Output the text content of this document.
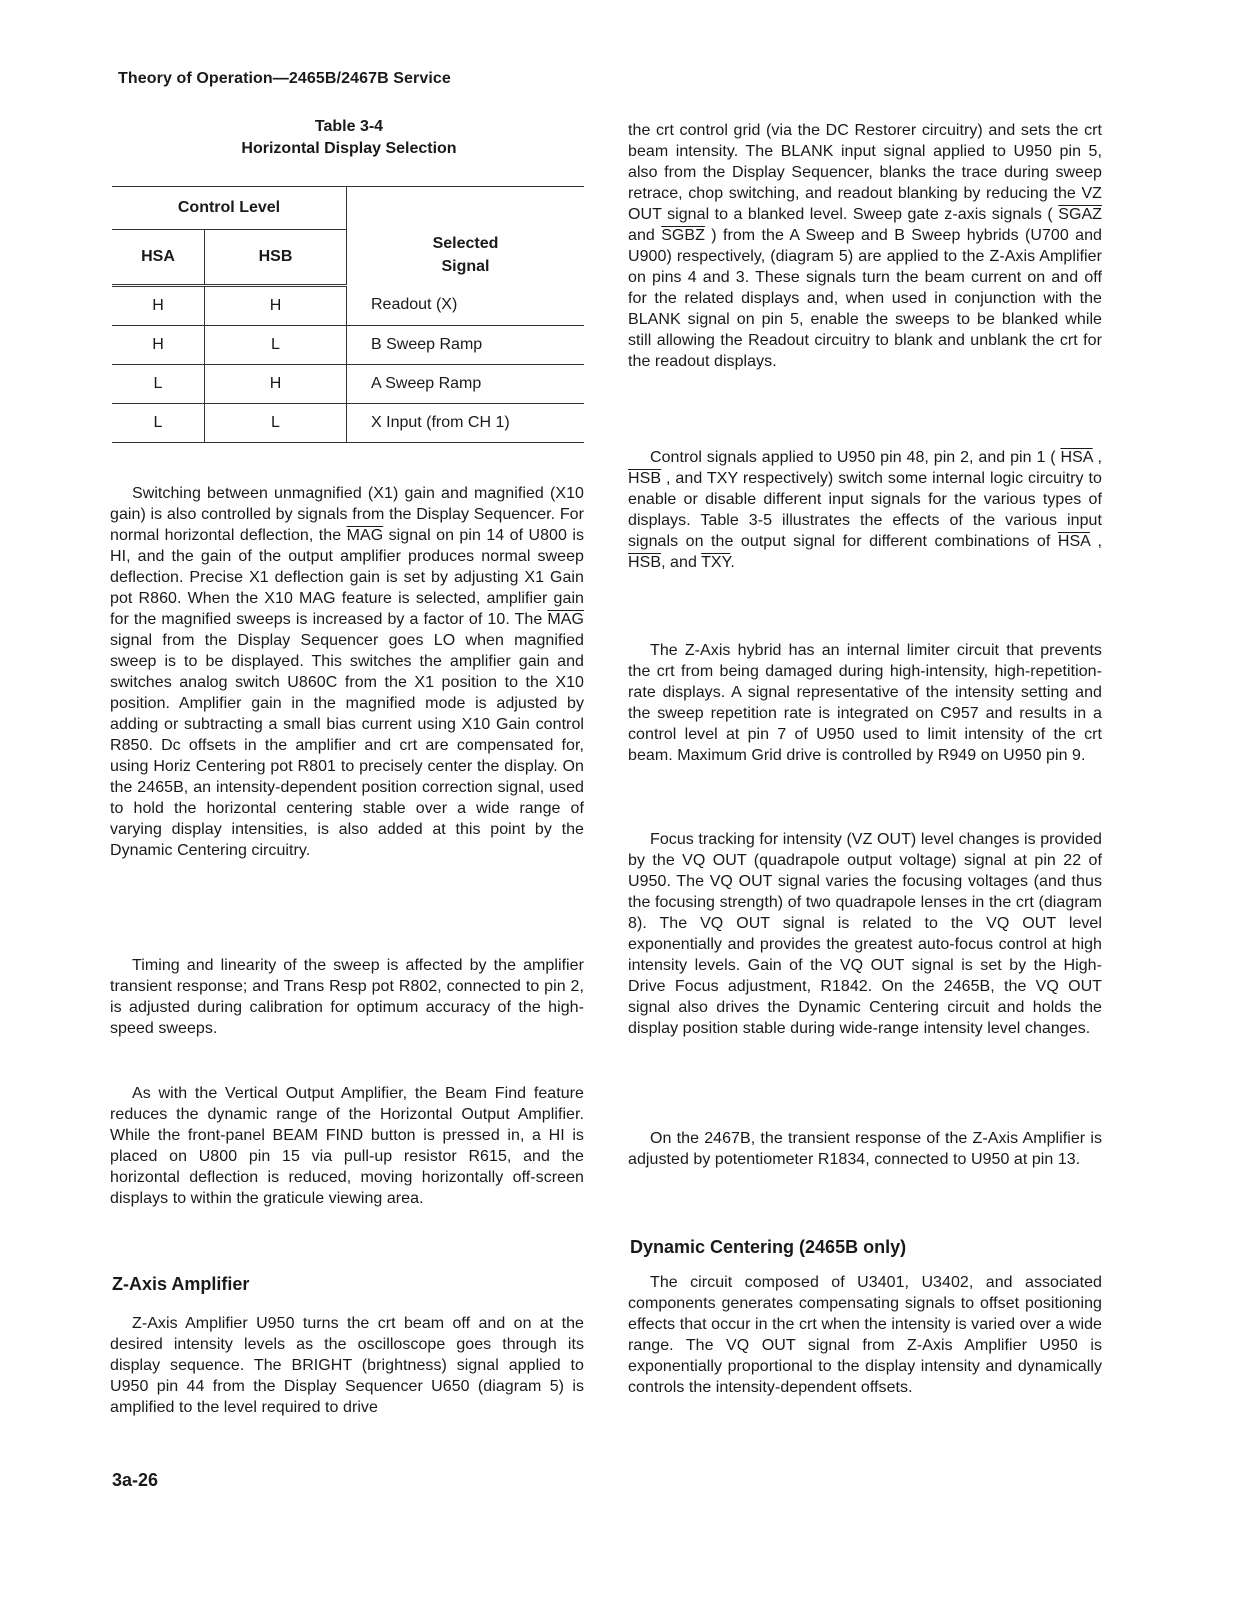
Theory of Operation—2465B/2467B Service
Table 3-4
Horizontal Display Selection
Control Level		Selected
Signal

HSA	HSB	
H	H	Readout (X)
H	L	B Sweep Ramp
L	H	A Sweep Ramp
L	L	X Input (from CH 1)

Switching between unmagnified (X1) gain and magnified (X10 gain) is also controlled by signals from the Display Sequencer. For normal horizontal deflection, the $\overline{MAG}$ signal on pin 14 of U800 is HI, and the gain of the output amplifier produces normal sweep deflection. Precise X1 deflection gain is set by adjusting X1 Gain pot R860. When the X10 MAG feature is selected, amplifier gain for the magnified sweeps is increased by a factor of 10. The $\overline{MAG}$ signal from the Display Sequencer goes LO when magnified sweep is to be displayed. This switches the amplifier gain and switches analog switch U860C from the X1 position to the X10 position. Amplifier gain in the magnified mode is adjusted by adding or subtracting a small bias current using X10 Gain control R850. Dc offsets in the amplifier and crt are compensated for, using Horiz Centering pot R801 to precisely center the display. On the 2465B, an intensity-dependent position correction signal, used to hold the horizontal centering stable over a wide range of varying display intensities, is also added at this point by the Dynamic Centering circuitry.

Timing and linearity of the sweep is affected by the amplifier transient response; and Trans Resp pot R802, connected to pin 2, is adjusted during calibration for optimum accuracy of the high-speed sweeps.

As with the Vertical Output Amplifier, the Beam Find feature reduces the dynamic range of the Horizontal Output Amplifier. While the front-panel BEAM FIND button is pressed in, a HI is placed on U800 pin 15 via pull-up resistor R615, and the horizontal deflection is reduced, moving horizontally off-screen displays to within the graticule viewing area.

Z-Axis Amplifier

Z-Axis Amplifier U950 turns the crt beam off and on at the desired intensity levels as the oscilloscope goes through its display sequence. The BRIGHT (brightness) signal applied to U950 pin 44 from the Display Sequencer U650 (diagram 5) is amplified to the level required to drive

the crt control grid (via the DC Restorer circuitry) and sets the crt beam intensity. The BLANK input signal applied to U950 pin 5, also from the Display Sequencer, blanks the trace during sweep retrace, chop switching, and readout blanking by reducing the VZ OUT signal to a blanked level. Sweep gate z-axis signals ( SGAZ and SGBZ ) from the A Sweep and B Sweep hybrids (U700 and U900) respectively, (diagram 5) are applied to the Z-Axis Amplifier on pins 4 and 3. These signals turn the beam current on and off for the related displays and, when used in conjunction with the BLANK signal on pin 5, enable the sweeps to be blanked while still allowing the Readout circuitry to blank and unblank the crt for the readout displays.

Control signals applied to U950 pin 48, pin 2, and pin 1 ( $\overline{HSA}$ , $\overline{HSB}$ , and TXY respectively) switch some internal logic circuitry to enable or disable different input signals for the various types of displays. Table 3-5 illustrates the effects of the various input signals on the output signal for different combinations of $\overline{HSA}$ , $\overline{HSB}$, and $\overline{TXY}$.

The Z-Axis hybrid has an internal limiter circuit that prevents the crt from being damaged during high-intensity, high-repetition-rate displays. A signal representative of the intensity setting and the sweep repetition rate is integrated on C957 and results in a control level at pin 7 of U950 used to limit intensity of the crt beam. Maximum Grid drive is controlled by R949 on U950 pin 9.

Focus tracking for intensity (VZ OUT) level changes is provided by the VQ OUT (quadrapole output voltage) signal at pin 22 of U950. The VQ OUT signal varies the focusing voltages (and thus the focusing strength) of two quadrapole lenses in the crt (diagram 8). The VQ OUT signal is related to the VQ OUT level exponentially and provides the greatest auto-focus control at high intensity levels. Gain of the VQ OUT signal is set by the High-Drive Focus adjustment, R1842. On the 2465B, the VQ OUT signal also drives the Dynamic Centering circuit and holds the display position stable during wide-range intensity level changes.

On the 2467B, the transient response of the Z-Axis Amplifier is adjusted by potentiometer R1834, connected to U950 at pin 13.

Dynamic Centering (2465B only)

The circuit composed of U3401, U3402, and associated components generates compensating signals to offset positioning effects that occur in the crt when the intensity is varied over a wide range. The VQ OUT signal from Z-Axis Amplifier U950 is exponentially proportional to the display intensity and dynamically controls the intensity-dependent offsets.

3a-26
